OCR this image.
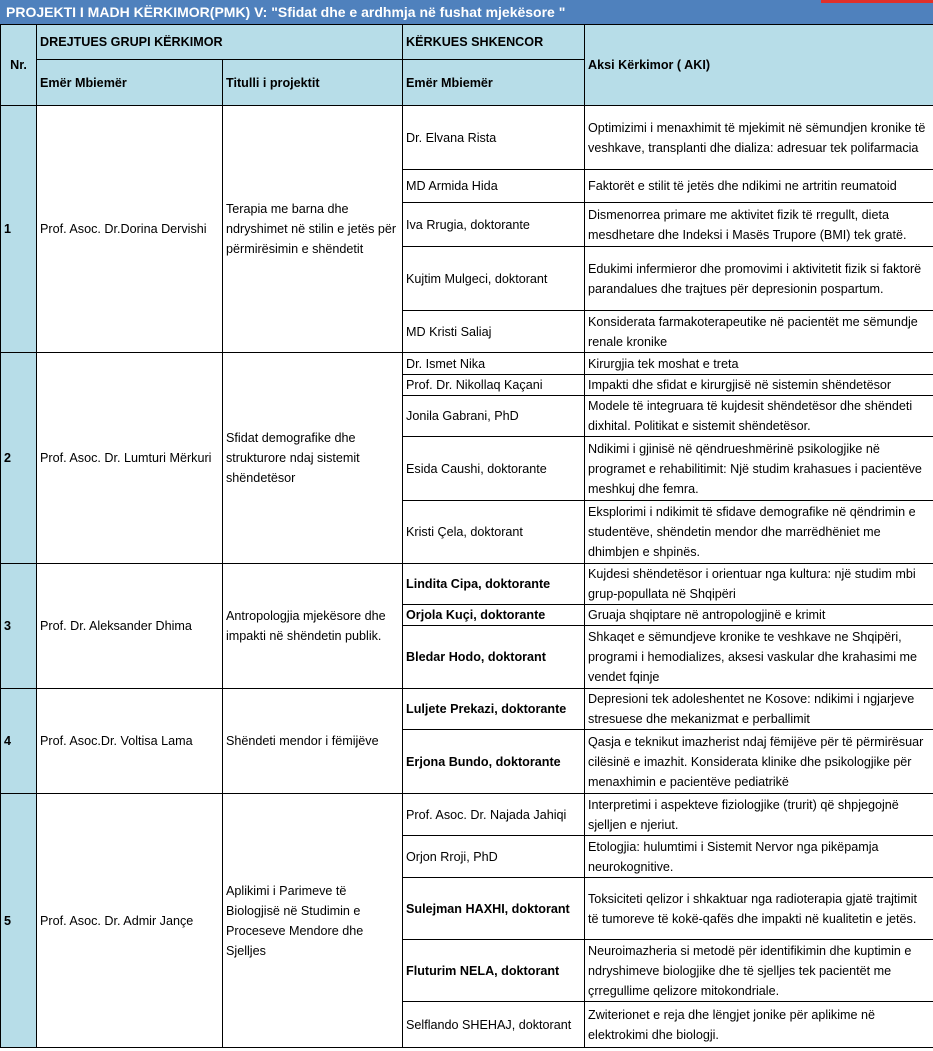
PROJEKTI I MADH KËRKIMOR(PMK) V: "Sfidat dhe e ardhmja në fushat mjekësore "
Nr.	DREJTUES GRUPI KËRKIMOR		KËRKUES SHKENCOR	Aksi Kërkimor ( AKI)
	Emër Mbiemër	Titulli i projektit	Emër Mbiemër	
1	Prof. Asoc. Dr.Dorina Dervishi	Terapia me barna dhe ndryshimet në stilin e jetës për përmirësimin e shëndetit	Dr. Elvana Rista	Optimizimi i menaxhimit të mjekimit në sëmundjen kronike të veshkave, transplanti dhe dializa: adresuar tek polifarmacia
			MD Armida Hida	Faktorët e stilit të jetës dhe ndikimi ne artritin reumatoid
			Iva Rrugia, doktorante	Dismenorrea primare me aktivitet fizik të rregullt, dieta mesdhetare dhe Indeksi i Masës Trupore (BMI) tek gratë.
			Kujtim Mulgeci, doktorant	Edukimi infermieror dhe promovimi i aktivitetit fizik si faktorë parandalues dhe trajtues për depresionin pospartum.
			MD Kristi Saliaj	Konsiderata farmakoterapeutike në pacientët me sëmundje renale kronike
2	Prof. Asoc. Dr. Lumturi Mërkuri	Sfidat demografike dhe strukturore ndaj sistemit shëndetësor	Dr. Ismet Nika	Kirurgjia tek moshat e treta
			Prof. Dr. Nikollaq Kaçani	Impakti dhe sfidat e kirurgjisë në sistemin shëndetësor
			Jonila Gabrani, PhD	Modele të integruara të kujdesit shëndetësor dhe shëndeti dixhital. Politikat e sistemit shëndetësor.
			Esida Caushi, doktorante	Ndikimi i gjinisë në qëndrueshmërinë psikologjike në programet e rehabilitimit: Një studim krahasues i pacientëve meshkuj dhe femra.
			Kristi Çela, doktorant	Eksplorimi i ndikimit të sfidave demografike në qëndrimin e studentëve, shëndetin mendor dhe marrëdhëniet me dhimbjen e shpinës.
3	Prof. Dr. Aleksander Dhima	Antropologjia mjekësore dhe impakti në shëndetin publik.	Lindita Cipa, doktorante	Kujdesi shëndetësor i orientuar nga kultura: një studim mbi grup-popullata në Shqipëri
			Orjola Kuçi, doktorante	Gruaja shqiptare në antropologjinë e krimit
			Bledar Hodo, doktorant	Shkaqet e sëmundjeve kronike te veshkave ne Shqipëri, programi i hemodializes, aksesi vaskular dhe krahasimi me vendet fqinje
4	Prof. Asoc.Dr. Voltisa Lama	Shëndeti mendor i fëmijëve	Luljete Prekazi, doktorante	Depresioni tek adoleshentet ne Kosove: ndikimi i ngjarjeve stresuese dhe mekanizmat e perballimit
			Erjona Bundo, doktorante	Qasja e teknikut imazherist ndaj fëmijëve për të përmirësuar cilësinë e imazhit. Konsiderata klinike dhe psikologjike për menaxhimin e pacientëve pediatrikë
5	Prof. Asoc. Dr. Admir Jançe	Aplikimi i Parimeve të Biologjisë në Studimin e Proceseve Mendore dhe Sjelljes	Prof. Asoc. Dr. Najada Jahiqi	Interpretimi i aspekteve fiziologjike (trurit) që shpjegojnë sjelljen e njeriut.
			Orjon Rroji, PhD	Etologjia: hulumtimi i Sistemit Nervor nga pikëpamja neurokognitive.
			Sulejman HAXHI, doktorant	Toksiciteti qelizor i shkaktuar nga radioterapia gjatë trajtimit të tumoreve të kokë-qafës dhe impakti në kualitetin e jetës.
			Fluturim NELA, doktorant	Neuroimazheria si metodë për identifikimin dhe kuptimin e ndryshimeve biologjike dhe të sjelljes tek pacientët me çrregullime qelizore mitokondriale.
			Selflando SHEHAJ, doktorant	Zwiterionet e reja dhe lëngjet jonike për aplikime në elektrokimi dhe biologji.
